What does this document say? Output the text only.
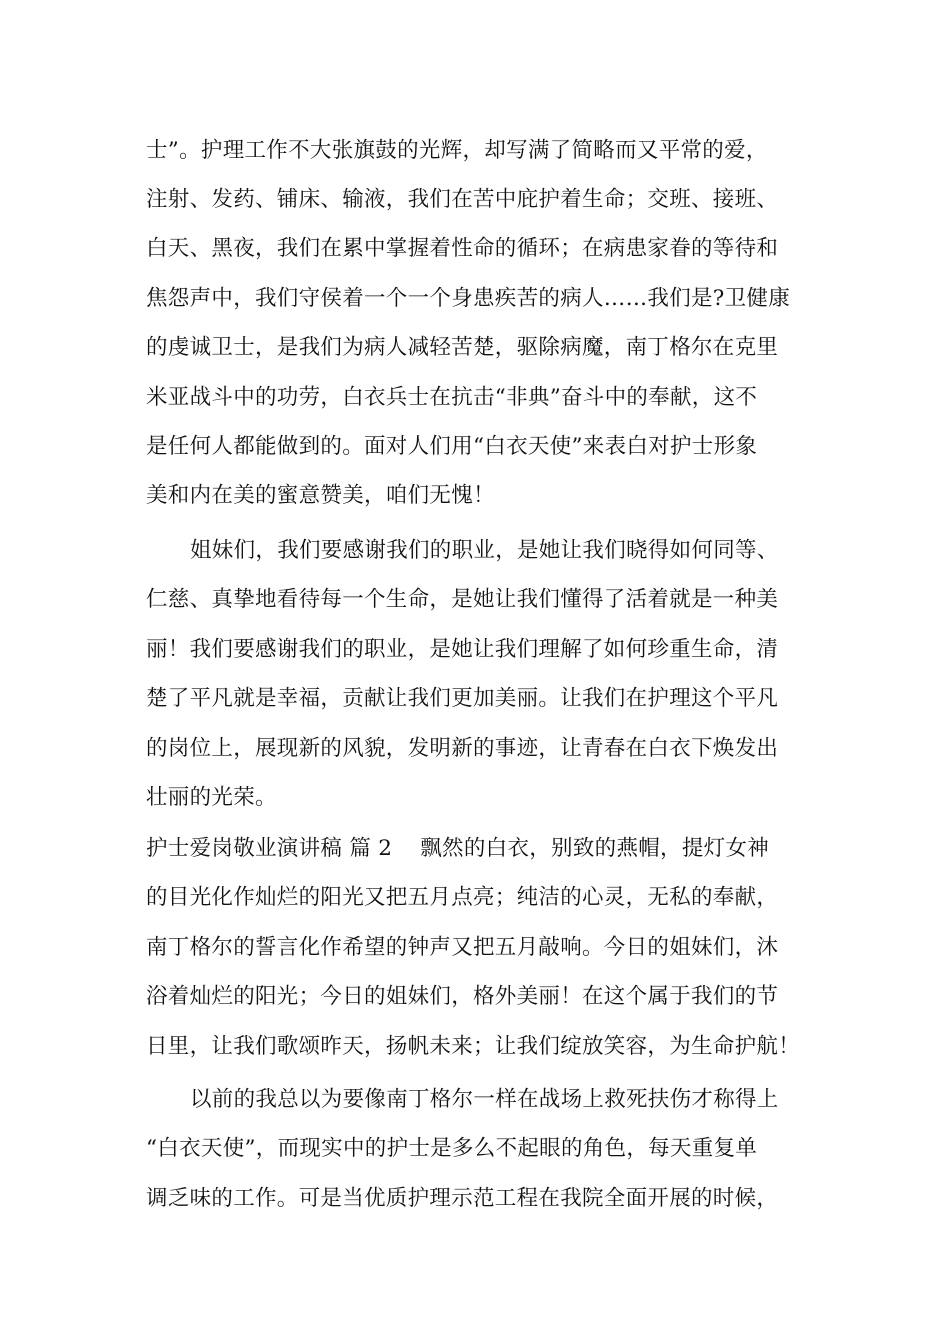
士”。护理工作不大张旗鼓的光辉，却写满了简略而又平常的爱，
注射、发药、铺床、输液，我们在苦中庇护着生命；交班、接班、
白天、黑夜，我们在累中掌握着性命的循环；在病患家眷的等待和
焦怨声中，我们守侯着一个一个身患疾苦的病人……我们是?卫健康
的虔诚卫士，是我们为病人减轻苦楚，驱除病魔，南丁格尔在克里
米亚战斗中的功劳，白衣兵士在抗击“非典”奋斗中的奉献，这不
是任何人都能做到的。面对人们用“白衣天使”来表白对护士形象
美和内在美的蜜意赞美，咱们无愧！
姐妹们，我们要感谢我们的职业，是她让我们晓得如何同等、
仁慈、真挚地看待每一个生命，是她让我们懂得了活着就是一种美
丽！我们要感谢我们的职业，是她让我们理解了如何珍重生命，清
楚了平凡就是幸福，贡献让我们更加美丽。让我们在护理这个平凡
的岗位上，展现新的风貌，发明新的事迹，让青春在白衣下焕发出
壮丽的光荣。
护士爱岗敬业演讲稿 篇 2 飘然的白衣，别致的燕帽，提灯女神
的目光化作灿烂的阳光又把五月点亮；纯洁的心灵，无私的奉献，
南丁格尔的誓言化作希望的钟声又把五月敲响。今日的姐妹们，沐
浴着灿烂的阳光；今日的姐妹们，格外美丽！在这个属于我们的节
日里，让我们歌颂昨天，扬帆未来；让我们绽放笑容，为生命护航！
以前的我总以为要像南丁格尔一样在战场上救死扶伤才称得上
“白衣天使”，而现实中的护士是多么不起眼的角色，每天重复单
调乏味的工作。可是当优质护理示范工程在我院全面开展的时候，
